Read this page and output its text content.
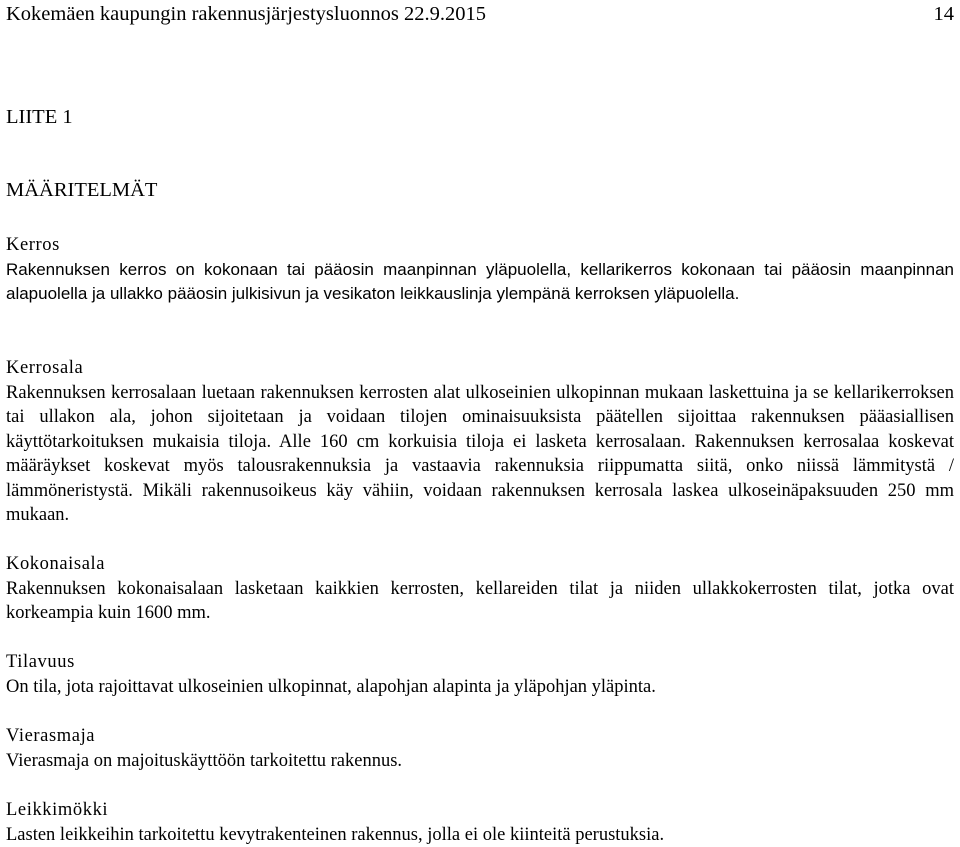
Kokemäen kaupungin rakennusjärjestysluonnos 22.9.2015	14
LIITE 1
MÄÄRITELMÄT
Kerros
Rakennuksen kerros on kokonaan tai pääosin maanpinnan yläpuolella, kellarikerros kokonaan tai pääosin maanpinnan alapuolella ja ullakko pääosin julkisivun ja vesikaton leikkauslinja ylempänä kerroksen yläpuolella.
Kerrosala
Rakennuksen kerrosalaan luetaan rakennuksen kerrosten alat ulkoseinien ulkopinnan mukaan laskettuina ja se kellarikerroksen tai ullakon ala, johon sijoitetaan ja voidaan tilojen ominaisuuksista päätellen sijoittaa rakennuksen pääasiallisen käyttötarkoituksen mukaisia tiloja. Alle 160 cm korkuisia tiloja ei lasketa kerrosalaan. Rakennuksen kerrosalaa koskevat määräykset koskevat myös talousrakennuksia ja vastaavia rakennuksia riippumatta siitä, onko niissä lämmitystä / lämmöneristystä. Mikäli rakennusoikeus käy vähiin, voidaan rakennuksen kerrosala laskea ulkoseinäpaksuuden 250 mm mukaan.
Kokonaisala
Rakennuksen kokonaisalaan lasketaan kaikkien kerrosten, kellareiden tilat ja niiden ullakkokerrosten tilat, jotka ovat korkeampia kuin 1600 mm.
Tilavuus
On tila, jota rajoittavat ulkoseinien ulkopinnat, alapohjan alapinta ja yläpohjan yläpinta.
Vierasmaja
Vierasmaja on majoituskäyttöön tarkoitettu rakennus.
Leikkimökki
Lasten leikkeihin tarkoitettu kevytrakenteinen rakennus, jolla ei ole kiinteitä perustuksia.
